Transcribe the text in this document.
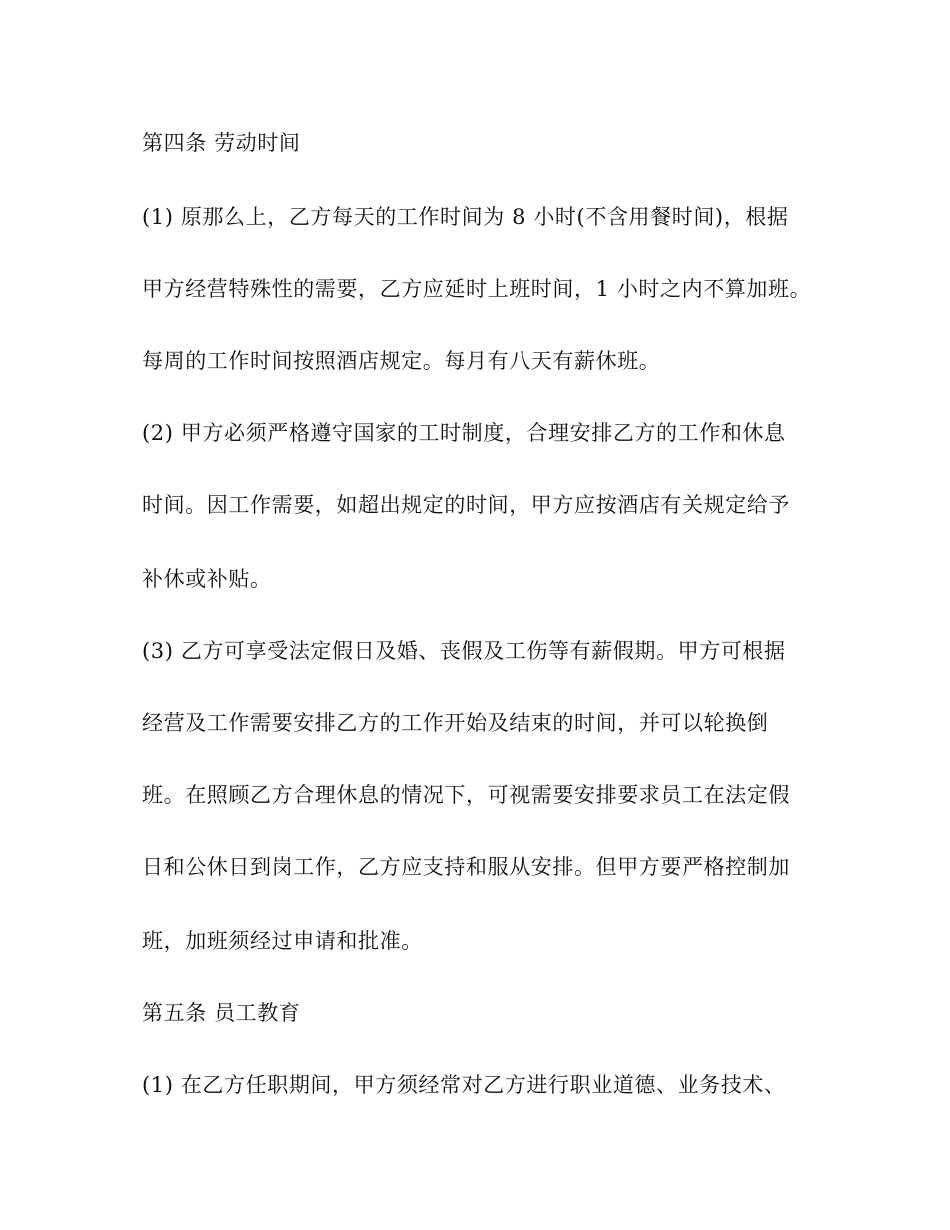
第四条 劳动时间
(1) 原那么上，乙方每天的工作时间为 8 小时(不含用餐时间)，根据
甲方经营特殊性的需要，乙方应延时上班时间，1 小时之内不算加班。
每周的工作时间按照酒店规定。每月有八天有薪休班。
(2) 甲方必须严格遵守国家的工时制度，合理安排乙方的工作和休息
时间。因工作需要，如超出规定的时间，甲方应按酒店有关规定给予
补休或补贴。
(3) 乙方可享受法定假日及婚、丧假及工伤等有薪假期。甲方可根据
经营及工作需要安排乙方的工作开始及结束的时间，并可以轮换倒
班。在照顾乙方合理休息的情况下，可视需要安排要求员工在法定假
日和公休日到岗工作，乙方应支持和服从安排。但甲方要严格控制加
班，加班须经过申请和批准。
第五条 员工教育
(1) 在乙方任职期间，甲方须经常对乙方进行职业道德、业务技术、
